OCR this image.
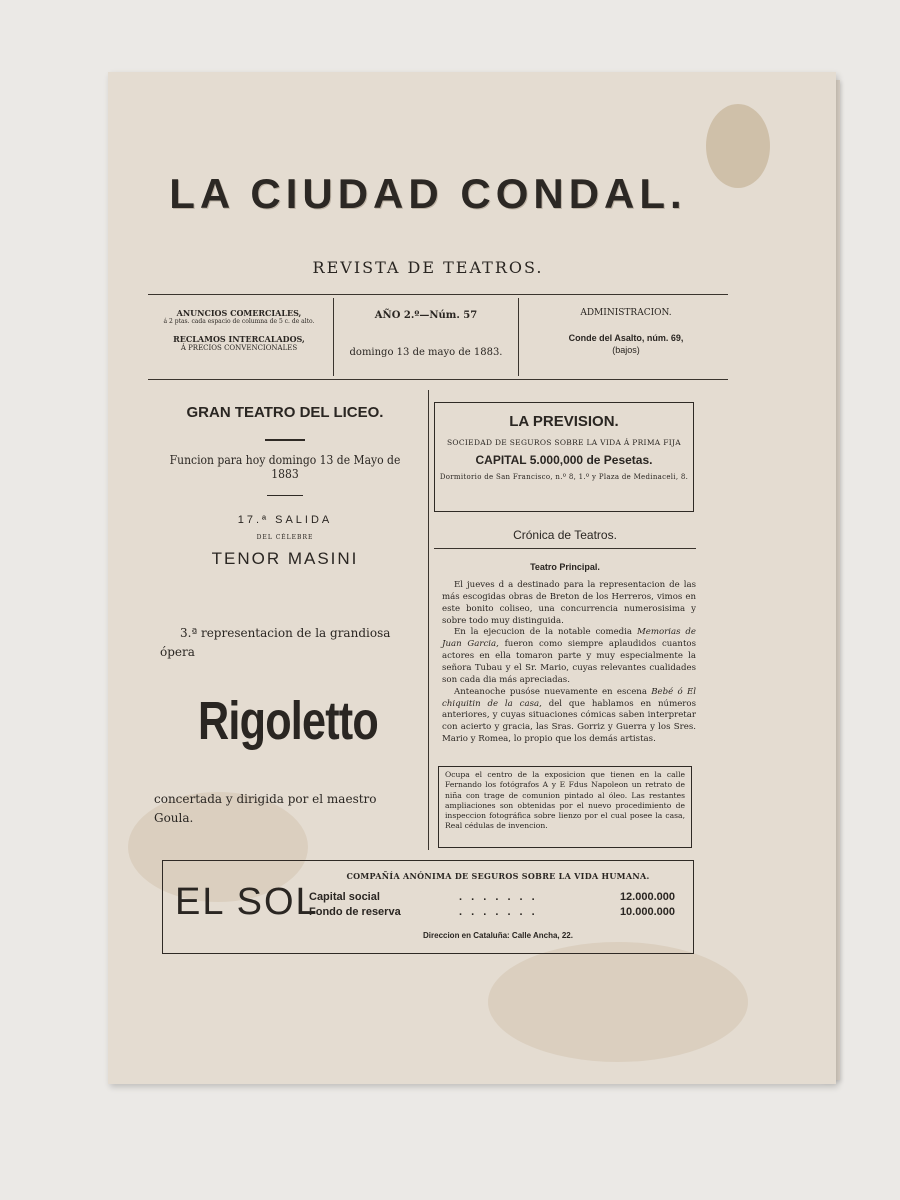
LA CIUDAD CONDAL.
REVISTA DE TEATROS.
ANUNCIOS COMERCIALES,
á 2 ptas. cada espacio de columna de 5 c. de alto.
RECLAMOS INTERCALADOS,
Á PRECIOS CONVENCIONALES
AÑO 2.º—Núm. 57
domingo 13 de mayo de 1883.
ADMINISTRACION.
Conde del Asalto, núm. 69,
(bajos)
GRAN TEATRO DEL LICEO.
Funcion para hoy domingo 13 de Mayo de 1883
17.ª SALIDA
DEL CÉLEBRE
TENOR MASINI
3.ª representacion de la grandiosa
ópera
Rigoletto
concertada y dirigida por el maestro
Goula.
LA PREVISION.
SOCIEDAD DE SEGUROS SOBRE LA VIDA Á PRIMA FIJA
CAPITAL 5.000,000 de Pesetas.
Dormitorio de San Francisco, n.º 8, 1.º y Plaza de Medinaceli, 8.
Crónica de Teatros.
Teatro Principal.

El jueves d a destinado para la representacion de las más escogidas obras de Breton de los Herreros, vimos en este bonito coliseo, una concurrencia numerosisima y sobre todo muy distinguida.

En la ejecucion de la notable comedia Memorias de Juan Garcia, fueron como siempre aplaudidos cuantos actores en ella tomaron parte y muy especialmente la señora Tubau y el Sr. Mario, cuyas relevantes cualidades son cada dia más apreciadas.

Anteanoche pusóse nuevamente en escena Bebé ó El chiquitin de la casa, del que hablamos en números anteriores, y cuyas situaciones cómicas saben interpretar con acierto y gracia, las Sras. Gorriz y Guerra y los Sres. Mario y Romea, lo propio que los demás artistas.

Ocupa el centro de la exposicion que tienen en la calle Fernando los fotógrafos A y E Fdus Napoleon un retrato de niña con trage de comunion pintado al óleo. Las restantes ampliaciones son obtenidas por el nuevo procedimiento de inspeccion fotográfica sobre lienzo por el cual posee la casa, Real cédulas de invencion.
EL SOL
COMPAÑÍA ANÓNIMA DE SEGUROS SOBRE LA VIDA HUMANA.
Capital social	. . . . . . .	12.000.000
Fondo de reserva	. . . . . . .	10.000.000
Direccion en Cataluña: Calle Ancha, 22.
